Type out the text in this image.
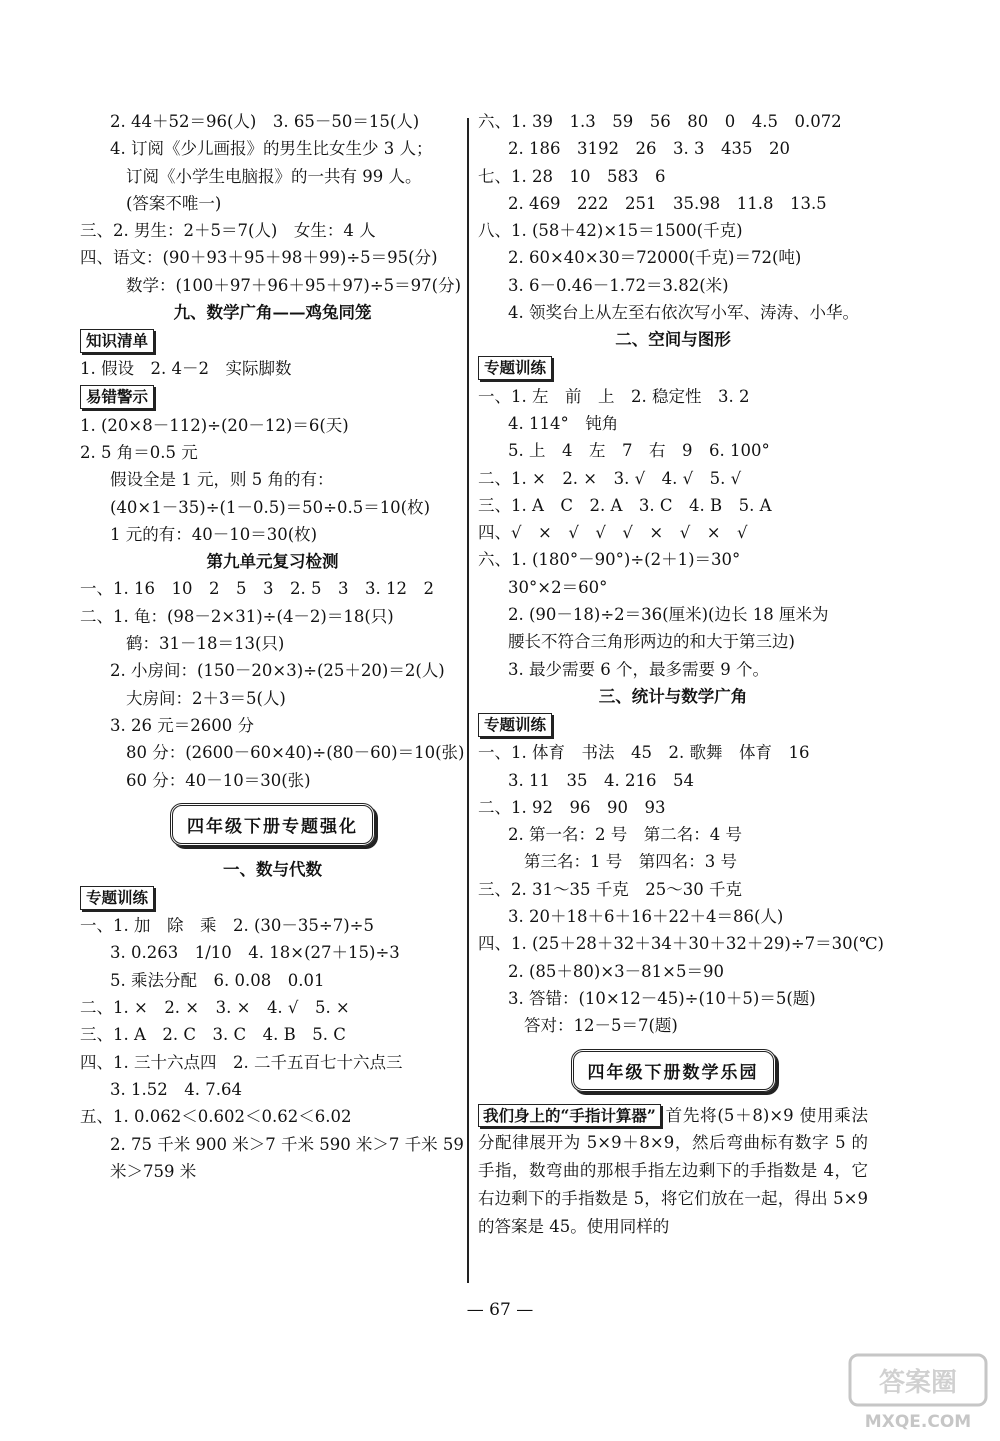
2. 44＋52＝96(人)　3. 65－50＝15(人)
4. 订阅《少儿画报》的男生比女生少 3 人；
订阅《小学生电脑报》的一共有 99 人。
(答案不唯一)
三、2. 男生：2＋5＝7(人)　女生：4 人
四、语文：(90＋93＋95＋98＋99)÷5＝95(分)
数学：(100＋97＋96＋95＋97)÷5＝97(分)
九、数学广角——鸡兔同笼
知识清单
1. 假设　2. 4－2　实际脚数
易错警示
1. (20×8－112)÷(20－12)＝6(天)
2. 5 角＝0.5 元
假设全是 1 元，则 5 角的有：
(40×1－35)÷(1－0.5)＝50÷0.5＝10(枚)
1 元的有：40－10＝30(枚)
第九单元复习检测
一、1. 16　10　2　5　3　2. 5　3　3. 12　2
二、1. 龟：(98－2×31)÷(4－2)＝18(只)
鹤：31－18＝13(只)
2. 小房间：(150－20×3)÷(25＋20)＝2(人)
大房间：2＋3＝5(人)
3. 26 元＝2600 分
80 分：(2600－60×40)÷(80－60)＝10(张)
60 分：40－10＝30(张)
四年级下册专题强化
一、数与代数
专题训练
一、1. 加　除　乘　2. (30－35÷7)÷5
3. 0.263　1/10　4. 18×(27＋15)÷3
5. 乘法分配　6. 0.08　0.01
二、1. ×　2. ×　3. ×　4. √　5. ×
三、1. A　2. C　3. C　4. B　5. C
四、1. 三十六点四　2. 二千五百七十六点三
3. 1.52　4. 7.64
五、1. 0.062＜0.602＜0.62＜6.02
2. 75 千米 900 米＞7 千米 590 米＞7 千米 59
米＞759 米
六、1. 39　1.3　59　56　80　0　4.5　0.072
2. 186　3192　26　3. 3　435　20
七、1. 28　10　583　6
2. 469　222　251　35.98　11.8　13.5
八、1. (58＋42)×15＝1500(千克)
2. 60×40×30＝72000(千克)＝72(吨)
3. 6－0.46－1.72＝3.82(米)
4. 领奖台上从左至右依次写小军、涛涛、小华。
二、空间与图形
专题训练
一、1. 左　前　上　2. 稳定性　3. 2
4. 114°　钝角
5. 上　4　左　7　右　9　6. 100°
二、1. ×　2. ×　3. √　4. √　5. √
三、1. A　C　2. A　3. C　4. B　5. A
四、√　×　√　√　√　×　√　×　√
六、1. (180°－90°)÷(2＋1)＝30°
30°×2＝60°
2. (90－18)÷2＝36(厘米)(边长 18 厘米为
腰长不符合三角形两边的和大于第三边)
3. 最少需要 6 个，最多需要 9 个。
三、统计与数学广角
专题训练
一、1. 体育　书法　45　2. 歌舞　体育　16
3. 11　35　4. 216　54
二、1. 92　96　90　93
2. 第一名：2 号　第二名：4 号
第三名：1 号　第四名：3 号
三、2. 31～35 千克　25～30 千克
3. 20＋18＋6＋16＋22＋4＝86(人)
四、1. (25＋28＋32＋34＋30＋32＋29)÷7＝30(℃)
2. (85＋80)×3－81×5＝90
3. 答错：(10×12－45)÷(10＋5)＝5(题)
答对：12－5＝7(题)
四年级下册数学乐园
我们身上的“手指计算器” 首先将(5＋8)×9 使用乘法分配律展开为 5×9＋8×9，然后弯曲标有数字 5 的手指，数弯曲的那根手指左边剩下的手指数是 4，它右边剩下的手指数是 5，将它们放在一起，得出 5×9 的答案是 45。使用同样的
— 67 —
答案圈
MXQE.COM
